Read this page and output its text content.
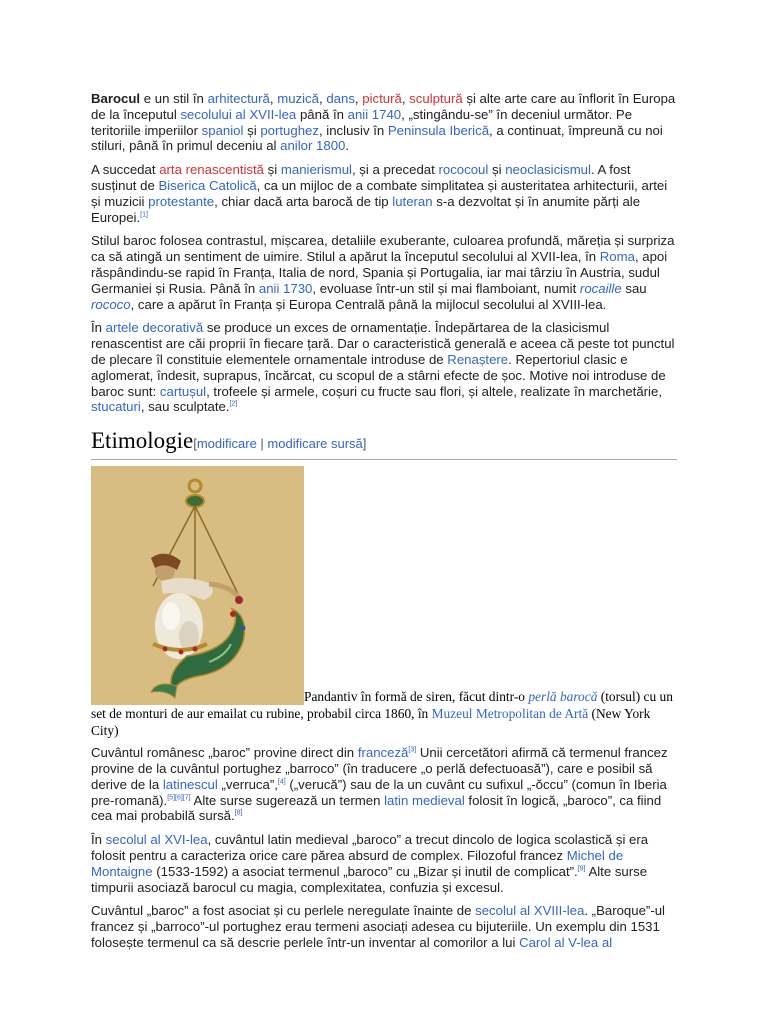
Barocul e un stil în arhitectură, muzică, dans, pictură, sculptură și alte arte care au înflorit în Europa de la începutul secolului al XVII-lea până în anii 1740, „stingându-se” în deceniul următor. Pe teritoriile imperiilor spaniol și portughez, inclusiv în Peninsula Iberică, a continuat, împreună cu noi stiluri, până în primul deceniu al anilor 1800.

A succedat arta renascentistă și manierismul, și a precedat rococoul și neoclasicismul. A fost susținut de Biserica Catolică, ca un mijloc de a combate simplitatea și austeritatea arhitecturii, artei și muzicii protestante, chiar dacă arta barocă de tip luteran s-a dezvoltat și în anumite părți ale Europei.[1]

Stilul baroc folosea contrastul, mișcarea, detaliile exuberante, culoarea profundă, măreția și surpriza ca să atingă un sentiment de uimire. Stilul a apărut la începutul secolului al XVII-lea, în Roma, apoi răspândindu-se rapid în Franța, Italia de nord, Spania și Portugalia, iar mai târziu în Austria, sudul Germaniei și Rusia. Până în anii 1730, evoluase într-un stil și mai flamboiant, numit rocaille sau rococo, care a apărut în Franța și Europa Centrală până la mijlocul secolului al XVIII-lea.

În artele decorativă se produce un exces de ornamentație. Îndepărtarea de la clasicismul renascentist are căi proprii în fiecare țară. Dar o caracteristică generală e aceea că peste tot punctul de plecare îl constituie elementele ornamentale introduse de Renaștere. Repertoriul clasic e aglomerat, îndesit, suprapus, încărcat, cu scopul de a stârni efecte de șoc. Motive noi introduse de baroc sunt: cartușul, trofeele și armele, coșuri cu fructe sau flori, și altele, realizate în marchetărie, stucaturi, sau sculptate.[2]

Etimologie[modificare | modificare sursă]
Pandantiv în formă de siren, făcut dintr-o perlă barocă (torsul) cu un set de monturi de aur emailat cu rubine, probabil circa 1860, în Muzeul Metropolitan de Artă (New York City)

Cuvântul românesc „baroc” provine direct din franceză[3] Unii cercetători afirmă că termenul francez provine de la cuvântul portughez „barroco” (în traducere „o perlă defectuoasă”), care e posibil să derive de la latinescul „verruca”,[4] („verucă”) sau de la un cuvânt cu sufixul „-ŏccu” (comun în Iberia pre-romană).[5][6][7] Alte surse sugerează un termen latin medieval folosit în logică, „baroco”, ca fiind cea mai probabilă sursă.[8]

În secolul al XVI-lea, cuvântul latin medieval „baroco” a trecut dincolo de logica scolastică și era folosit pentru a caracteriza orice care părea absurd de complex. Filozoful francez Michel de Montaigne (1533-1592) a asociat termenul „baroco” cu „Bizar și inutil de complicat”.[9] Alte surse timpurii asociază barocul cu magia, complexitatea, confuzia și excesul.

Cuvântul „baroc” a fost asociat și cu perlele neregulate înainte de secolul al XVIII-lea. „Baroque”-ul francez și „barroco”-ul portughez erau termeni asociați adesea cu bijuteriile. Un exemplu din 1531 folosește termenul ca să descrie perlele într-un inventar al comorilor a lui Carol al V-lea al
